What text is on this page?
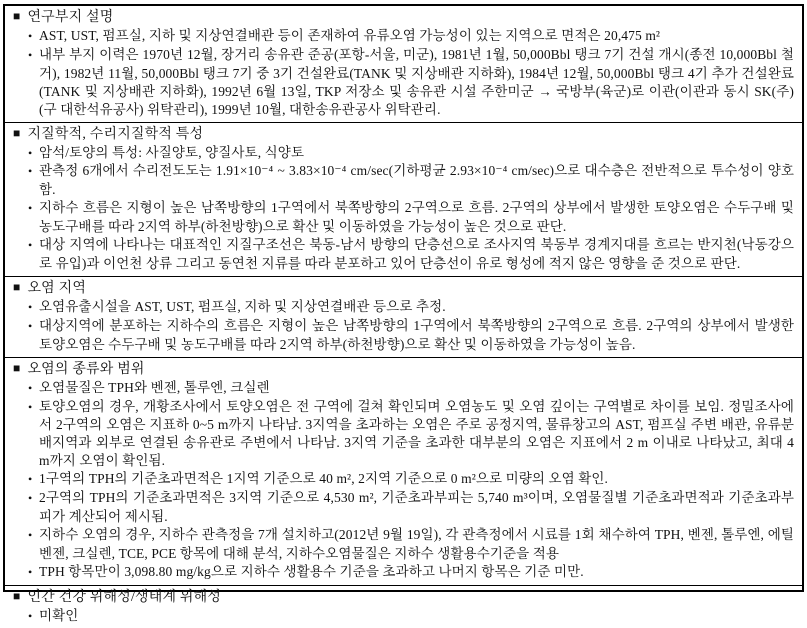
■ 연구부지 설명
• AST, UST, 펌프실, 지하 및 지상연결배관 등이 존재하여 유류오염 가능성이 있는 지역으로 면적은 20,475 m²
• 내부 부지 이력은 1970년 12월, 장거리 송유관 준공(포항-서울, 미군), 1981년 1월, 50,000Bbl 탱크 7기 건설 개시(종전 10,000Bbl 철거), 1982년 11월, 50,000Bbl 탱크 7기 중 3기 건설완료(TANK 및 지상배관 지하화), 1984년 12월, 50,000Bbl 탱크 4기 추가 건설완료(TANK 및 지상배관 지하화), 1992년 6월 13일, TKP 저장소 및 송유관 시설 주한미군 → 국방부(육군)로 이관(이관과 동시 SK(주)(구 대한석유공사) 위탁관리), 1999년 10월, 대한송유관공사 위탁관리.
■ 지질학적, 수리지질학적 특성
• 암석/토양의 특성: 사질양토, 양질사토, 식양토
• 관측정 6개에서 수리전도도는 1.91×10⁻⁴ ~ 3.83×10⁻⁴ cm/sec(기하평균 2.93×10⁻⁴ cm/sec)으로 대수층은 전반적으로 투수성이 양호함.
• 지하수 흐름은 지형이 높은 남쪽방향의 1구역에서 북쪽방향의 2구역으로 흐름. 2구역의 상부에서 발생한 토양오염은 수두구배 및 농도구배를 따라 2지역 하부(하천방향)으로 확산 및 이동하였을 가능성이 높은 것으로 판단.
• 대상 지역에 나타나는 대표적인 지질구조선은 북동-남서 방향의 단층선으로 조사지역 북동부 경계지대를 흐르는 반지천(낙동강으로 유입)과 이언천 상류 그리고 동연천 지류를 따라 분포하고 있어 단층선이 유로 형성에 적지 않은 영향을 준 것으로 판단.
■ 오염 지역
• 오염유출시설을 AST, UST, 펌프실, 지하 및 지상연결배관 등으로 추정.
• 대상지역에 분포하는 지하수의 흐름은 지형이 높은 남쪽방향의 1구역에서 북쪽방향의 2구역으로 흐름. 2구역의 상부에서 발생한 토양오염은 수두구배 및 농도구배를 따라 2지역 하부(하천방향)으로 확산 및 이동하였을 가능성이 높음.
■ 오염의 종류와 범위
• 오염물질은 TPH와 벤젠, 톨루엔, 크실렌
• 토양오염의 경우, 개황조사에서 토양오염은 전 구역에 걸쳐 확인되며 오염농도 및 오염 깊이는 구역별로 차이를 보임. 정밀조사에서 2구역의 오염은 지표하 0~5 m까지 나타남. 3지역을 초과하는 오염은 주로 공정지역, 물류창고의 AST, 펌프실 주변 배관, 유류분배지역과 외부로 연결된 송유관로 주변에서 나타남. 3지역 기준을 초과한 대부분의 오염은 지표에서 2 m 이내로 나타났고, 최대 4 m까지 오염이 확인됨.
• 1구역의 TPH의 기준초과면적은 1지역 기준으로 40 m², 2지역 기준으로 0 m²으로 미량의 오염 확인.
• 2구역의 TPH의 기준초과면적은 3지역 기준으로 4,530 m², 기준초과부피는 5,740 m³이며, 오염물질별 기준초과면적과 기준초과부피가 계산되어 제시됨.
• 지하수 오염의 경우, 지하수 관측정을 7개 설치하고(2012년 9월 19일), 각 관측정에서 시료를 1회 채수하여 TPH, 벤젠, 톨루엔, 에틸벤젠, 크실렌, TCE, PCE 항목에 대해 분석, 지하수오염물질은 지하수 생활용수기준을 적용
• TPH 항목만이 3,098.80 mg/kg으로 지하수 생활용수 기준을 초과하고 나머지 항목은 기준 미만.
■ 인간 건강 위해성/생태계 위해성
• 미확인
